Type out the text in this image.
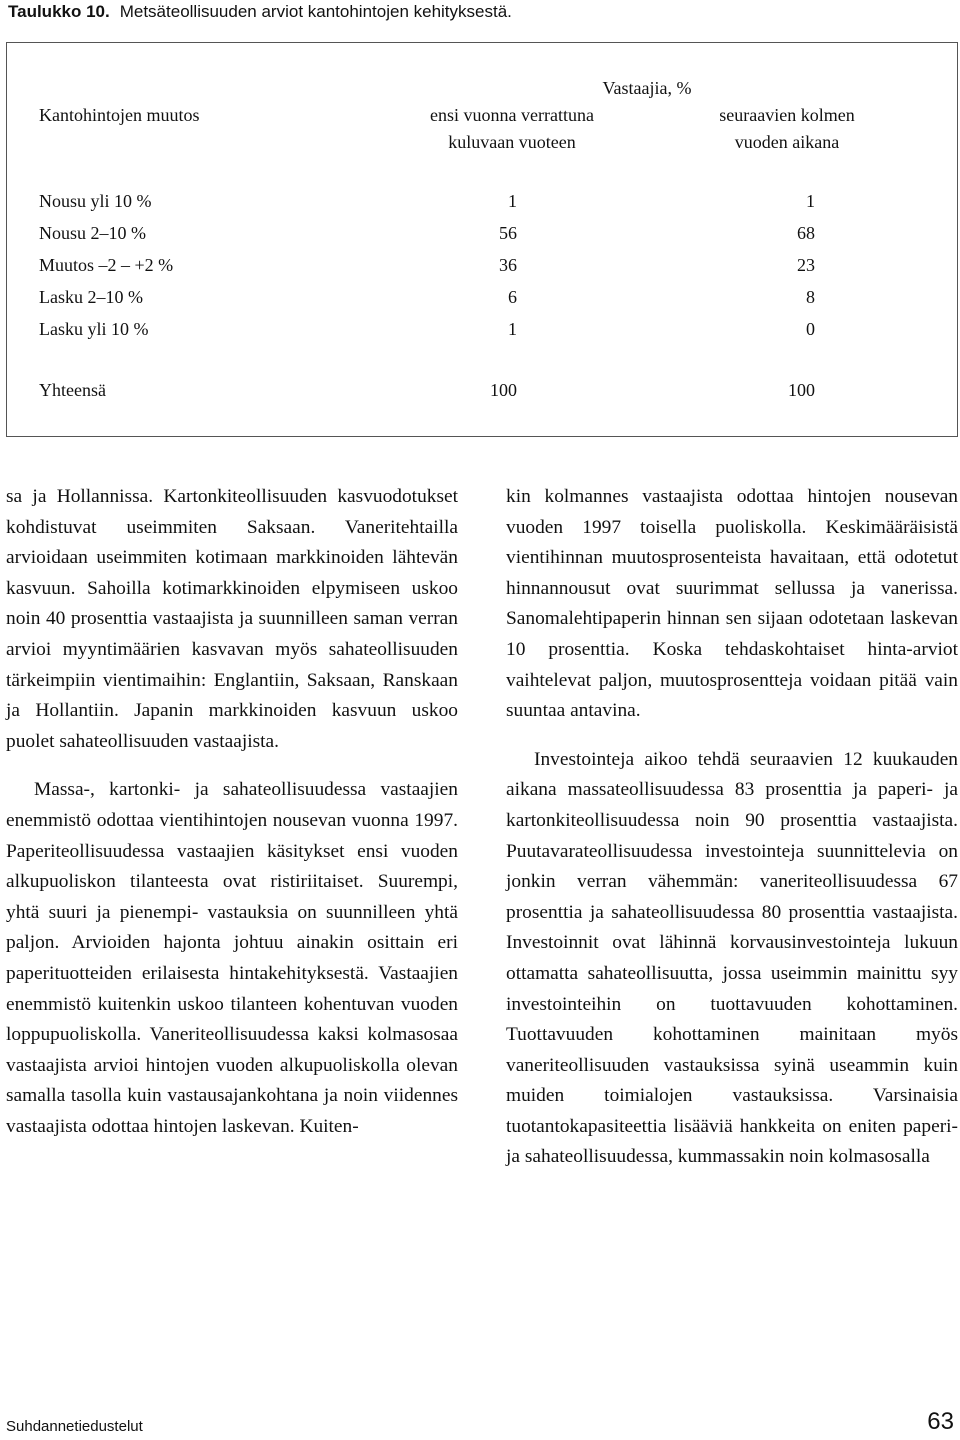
Taulukko 10. Metsäteollisuuden arviot kantohintojen kehityksestä.
Vastaajia, %
Kantohintojen muutos	ensi vuonna verrattuna
kuluvaan vuoteen
seuraavien kolmen
vuoden aikana
Nousu yli 10 %	1	1
Nousu 2–10 %	56	68
Muutos –2 – +2 %	36	23
Lasku 2–10 %	6	8
Lasku yli 10 %	1	0
Yhteensä	100	100

sa ja Hollannissa. Kartonkiteollisuuden kasvuodotukset kohdistuvat useimmiten Saksaan. Vaneritehtailla arvioidaan useimmiten kotimaan markkinoiden lähtevän kasvuun. Sahoilla kotimarkkinoiden elpymiseen uskoo noin 40 prosenttia vastaajista ja suunnilleen saman verran arvioi myyntimäärien kasvavan myös sahateollisuuden tärkeimpiin vientimaihin: Englantiin, Saksaan, Ranskaan ja Hollantiin. Japanin markkinoiden kasvuun uskoo puolet sahateollisuuden vastaajista.

Massa-, kartonki- ja sahateollisuudessa vastaajien enemmistö odottaa vientihintojen nousevan vuonna 1997. Paperiteollisuudessa vastaajien käsitykset ensi vuoden alkupuoliskon tilanteesta ovat ristiriitaiset. Suurempi, yhtä suuri ja pienempi- vastauksia on suunnilleen yhtä paljon. Arvioiden hajonta johtuu ainakin osittain eri paperituotteiden erilaisesta hintakehityksestä. Vastaajien enemmistö kuitenkin uskoo tilanteen kohentuvan vuoden loppupuoliskolla. Vaneriteollisuudessa kaksi kolmasosaa vastaajista arvioi hintojen vuoden alkupuoliskolla olevan samalla tasolla kuin vastausajankohtana ja noin viidennes vastaajista odottaa hintojen laskevan. Kuiten-

kin kolmannes vastaajista odottaa hintojen nousevan vuoden 1997 toisella puoliskolla. Keskimääräisistä vientihinnan muutosprosenteista havaitaan, että odotetut hinnannousut ovat suurimmat sellussa ja vanerissa. Sanomalehtipaperin hinnan sen sijaan odotetaan laskevan 10 prosenttia. Koska tehdaskohtaiset hinta-arviot vaihtelevat paljon, muutosprosentteja voidaan pitää vain suuntaa antavina.

Investointeja aikoo tehdä seuraavien 12 kuukauden aikana massateollisuudessa 83 prosenttia ja paperi- ja kartonkiteollisuudessa noin 90 prosenttia vastaajista. Puutavarateollisuudessa investointeja suunnittelevia on jonkin verran vähemmän: vaneriteollisuudessa 67 prosenttia ja sahateollisuudessa 80 prosenttia vastaajista. Investoinnit ovat lähinnä korvausinvestointeja lukuun ottamatta sahateollisuutta, jossa useimmin mainittu syy investointeihin on tuottavuuden kohottaminen. Tuottavuuden kohottaminen mainitaan myös vaneriteollisuuden vastauksissa syinä useammin kuin muiden toimialojen vastauksissa. Varsinaisia tuotantokapasiteettia lisääviä hankkeita on eniten paperi- ja sahateollisuudessa, kummassakin noin kolmasosalla

Suhdannetiedustelut	63
